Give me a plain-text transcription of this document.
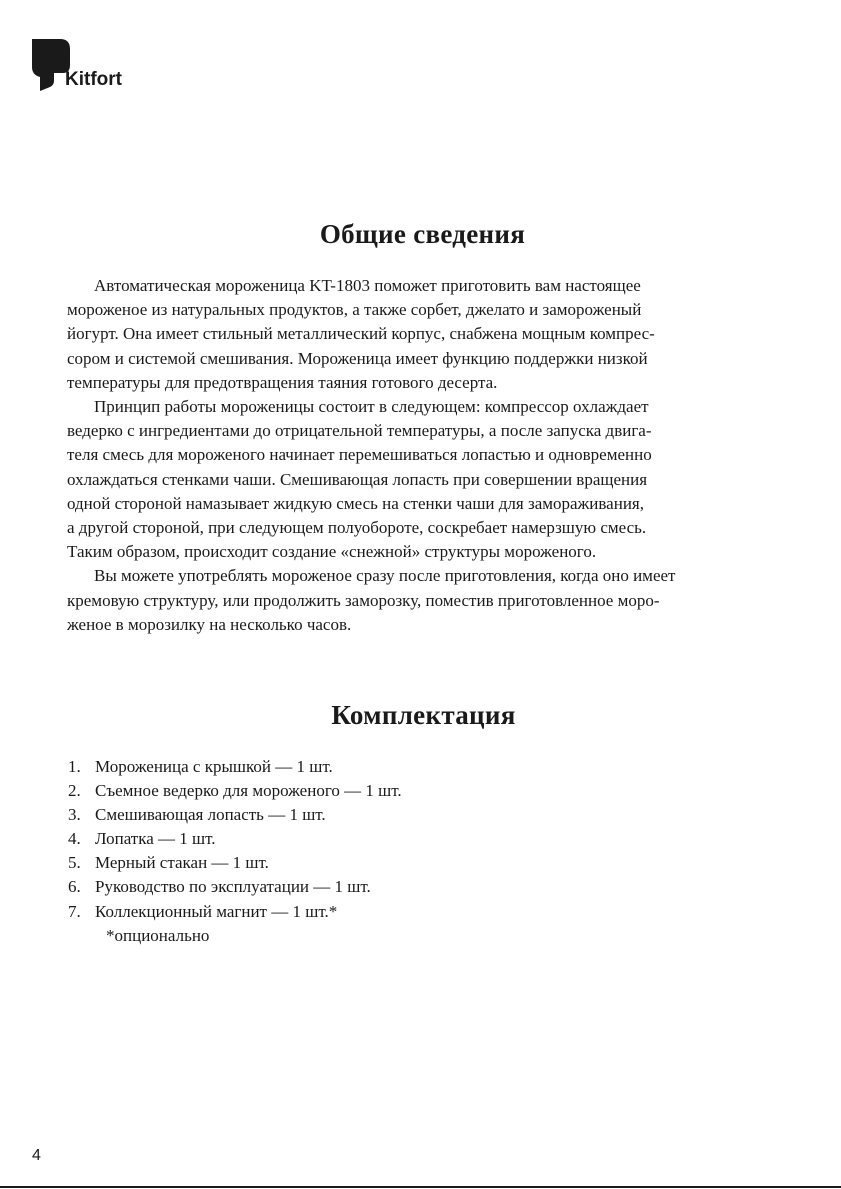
Kitfort
Общие сведения
Автоматическая мороженица KT-1803 поможет приготовить вам настоящее
мороженое из натуральных продуктов, а также сорбет, джелато и замороженый
йогурт. Она имеет стильный металлический корпус, снабжена мощным компрес-
сором и системой смешивания. Мороженица имеет функцию поддержки низкой
температуры для предотвращения таяния готового десерта.
Принцип работы мороженицы состоит в следующем: компрессор охлаждает
ведерко с ингредиентами до отрицательной температуры, а после запуска двига-
теля смесь для мороженого начинает перемешиваться лопастью и одновременно
охлаждаться стенками чаши. Смешивающая лопасть при совершении вращения
одной стороной намазывает жидкую смесь на стенки чаши для замораживания,
а другой стороной, при следующем полуобороте, соскребает намерзшую смесь.
Таким образом, происходит создание «снежной» структуры мороженого.
Вы можете употреблять мороженое сразу после приготовления, когда оно имеет
кремовую структуру, или продолжить заморозку, поместив приготовленное моро-
женое в морозилку на несколько часов.
Комплектация
1. Мороженица с крышкой — 1 шт.
2. Съемное ведерко для мороженого — 1 шт.
3. Смешивающая лопасть — 1 шт.
4. Лопатка — 1 шт.
5. Мерный стакан — 1 шт.
6. Руководство по эксплуатации — 1 шт.
7. Коллекционный магнит — 1 шт.*
*опционально
4
